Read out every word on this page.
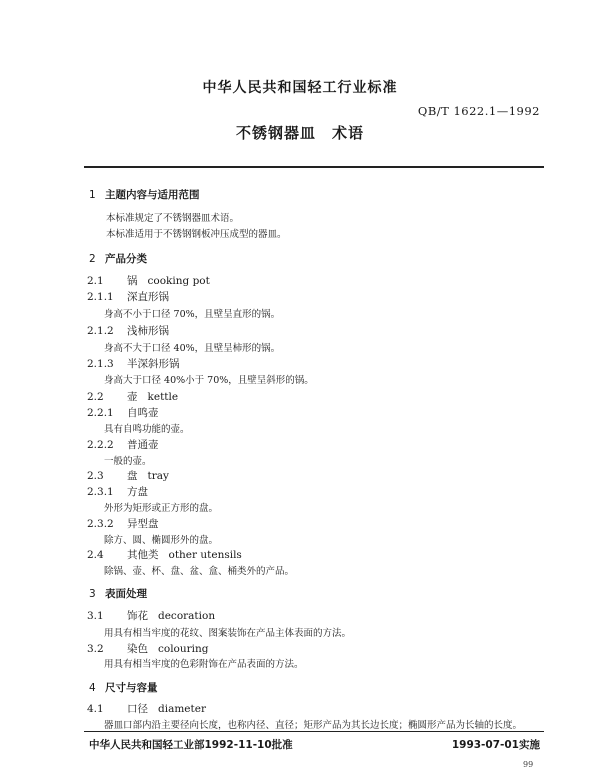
中华人民共和国轻工行业标准
QB/T 1622.1—1992
不锈钢器皿　术语
1 主题内容与适用范围
本标准规定了不锈钢器皿术语。
本标准适用于不锈钢钢板冲压成型的器皿。
2 产品分类
2.1 锅 cooking pot
2.1.1 深直形锅
身高不小于口径 70%，且壁呈直形的锅。
2.1.2 浅柿形锅
身高不大于口径 40%，且壁呈柿形的锅。
2.1.3 半深斜形锅
身高大于口径 40%小于 70%，且壁呈斜形的锅。
2.2 壶 kettle
2.2.1 自鸣壶
具有自鸣功能的壶。
2.2.2 普通壶
一般的壶。
2.3 盘 tray
2.3.1 方盘
外形为矩形或正方形的盘。
2.3.2 异型盘
除方、圆、椭圆形外的盘。
2.4 其他类 other utensils
除锅、壶、杯、盘、盆、盒、桶类外的产品。
3 表面处理
3.1 饰花 decoration
用具有相当牢度的花纹、图案装饰在产品主体表面的方法。
3.2 染色 colouring
用具有相当牢度的色彩附饰在产品表面的方法。
4 尺寸与容量
4.1 口径 diameter
器皿口部内沿主要径向长度，也称内径、直径；矩形产品为其长边长度；椭圆形产品为长轴的长度。
中华人民共和国轻工业部1992-11-10批准	1993-07-01实施
99
